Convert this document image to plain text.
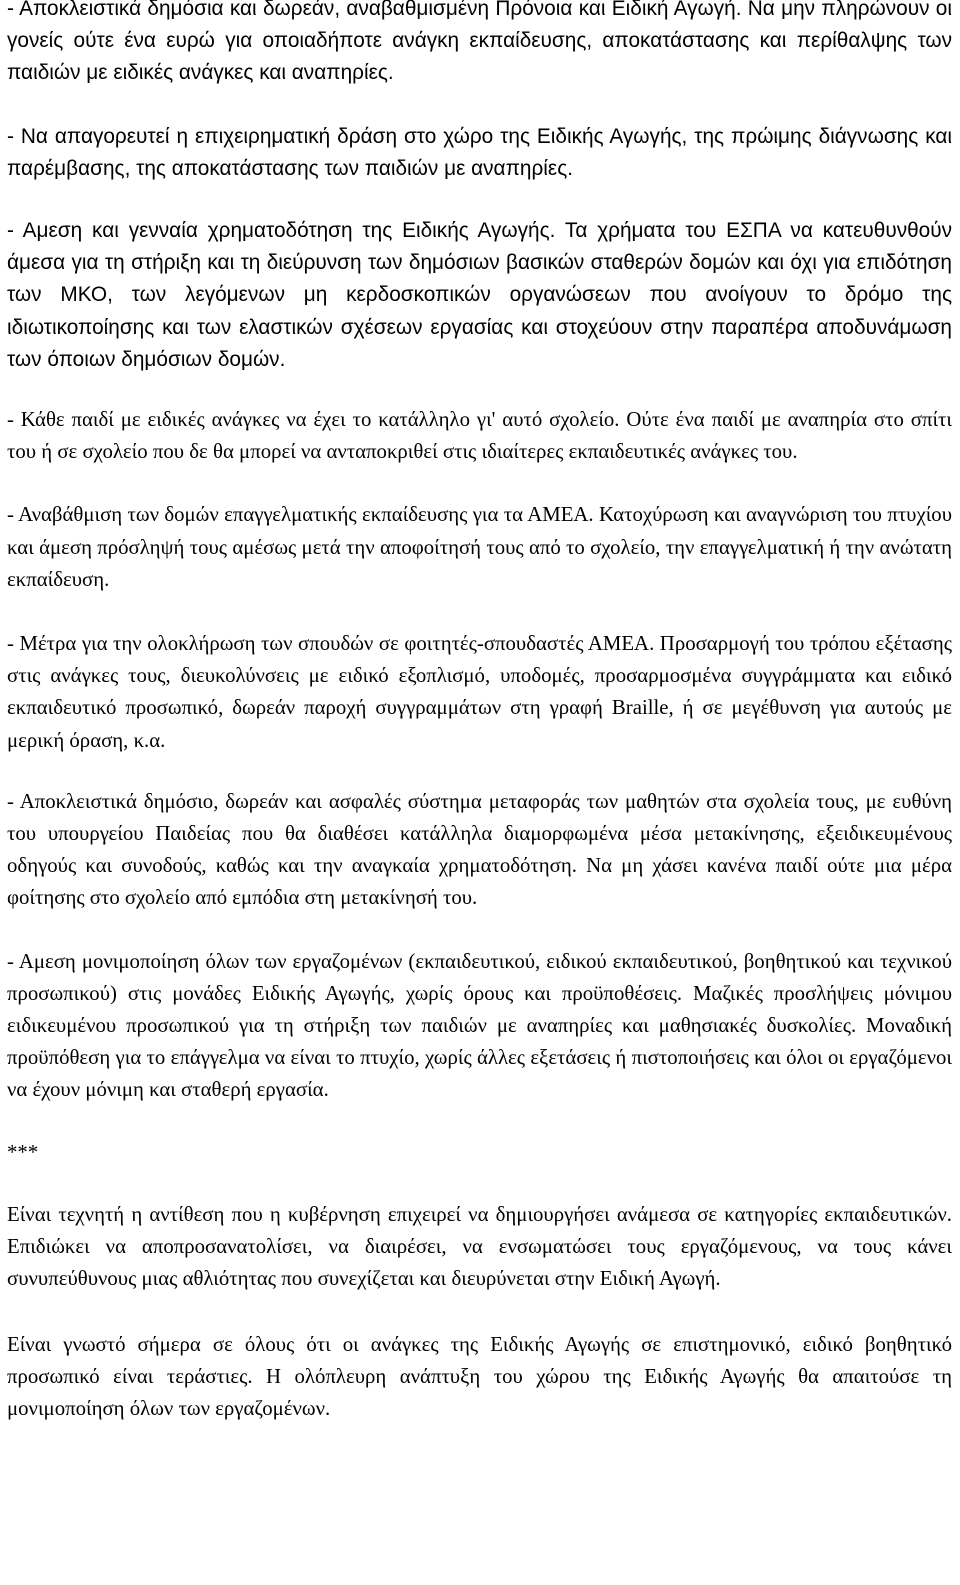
- Αποκλειστικά δημόσια και δωρεάν, αναβαθμισμένη Πρόνοια και Ειδική Αγωγή. Να μην πληρώνουν οι γονείς ούτε ένα ευρώ για οποιαδήποτε ανάγκη εκπαίδευσης, αποκατάστασης και περίθαλψης των παιδιών με ειδικές ανάγκες και αναπηρίες.

- Να απαγορευτεί η επιχειρηματική δράση στο χώρο της Ειδικής Αγωγής, της πρώιμης διάγνωσης και παρέμβασης, της αποκατάστασης των παιδιών με αναπηρίες.

- Αμεση και γενναία χρηματοδότηση της Ειδικής Αγωγής. Τα χρήματα του ΕΣΠΑ να κατευθυνθούν άμεσα για τη στήριξη και τη διεύρυνση των δημόσιων βασικών σταθερών δομών και όχι για επιδότηση των ΜΚΟ, των λεγόμενων μη κερδοσκοπικών οργανώσεων που ανοίγουν το δρόμο της ιδιωτικοποίησης και των ελαστικών σχέσεων εργασίας και στοχεύουν στην παραπέρα αποδυνάμωση των όποιων δημόσιων δομών.

- Κάθε παιδί με ειδικές ανάγκες να έχει το κατάλληλο γι' αυτό σχολείο. Ούτε ένα παιδί με αναπηρία στο σπίτι του ή σε σχολείο που δε θα μπορεί να ανταποκριθεί στις ιδιαίτερες εκπαιδευτικές ανάγκες του.

- Αναβάθμιση των δομών επαγγελματικής εκπαίδευσης για τα ΑΜΕΑ. Κατοχύρωση και αναγνώριση του πτυχίου και άμεση πρόσληψή τους αμέσως μετά την αποφοίτησή τους από το σχολείο, την επαγγελματική ή την ανώτατη εκπαίδευση.

- Μέτρα για την ολοκλήρωση των σπουδών σε φοιτητές-σπουδαστές ΑΜΕΑ. Προσαρμογή του τρόπου εξέτασης στις ανάγκες τους, διευκολύνσεις με ειδικό εξοπλισμό, υποδομές, προσαρμοσμένα συγγράμματα και ειδικό εκπαιδευτικό προσωπικό, δωρεάν παροχή συγγραμμάτων στη γραφή Braille, ή σε μεγέθυνση για αυτούς με μερική όραση, κ.α.

- Αποκλειστικά δημόσιο, δωρεάν και ασφαλές σύστημα μεταφοράς των μαθητών στα σχολεία τους, με ευθύνη του υπουργείου Παιδείας που θα διαθέσει κατάλληλα διαμορφωμένα μέσα μετακίνησης, εξειδικευμένους οδηγούς και συνοδούς, καθώς και την αναγκαία χρηματοδότηση. Να μη χάσει κανένα παιδί ούτε μια μέρα φοίτησης στο σχολείο από εμπόδια στη μετακίνησή του.

- Αμεση μονιμοποίηση όλων των εργαζομένων (εκπαιδευτικού, ειδικού εκπαιδευτικού, βοηθητικού και τεχνικού προσωπικού) στις μονάδες Ειδικής Αγωγής, χωρίς όρους και προϋποθέσεις. Μαζικές προσλήψεις μόνιμου ειδικευμένου προσωπικού για τη στήριξη των παιδιών με αναπηρίες και μαθησιακές δυσκολίες. Μοναδική προϋπόθεση για το επάγγελμα να είναι το πτυχίο, χωρίς άλλες εξετάσεις ή πιστοποιήσεις και όλοι οι εργαζόμενοι να έχουν μόνιμη και σταθερή εργασία.

***

Είναι τεχνητή η αντίθεση που η κυβέρνηση επιχειρεί να δημιουργήσει ανάμεσα σε κατηγορίες εκπαιδευτικών. Επιδιώκει να αποπροσανατολίσει, να διαιρέσει, να ενσωματώσει τους εργαζόμενους, να τους κάνει συνυπεύθυνους μιας αθλιότητας που συνεχίζεται και διευρύνεται στην Ειδική Αγωγή.

Είναι γνωστό σήμερα σε όλους ότι οι ανάγκες της Ειδικής Αγωγής σε επιστημονικό, ειδικό βοηθητικό προσωπικό είναι τεράστιες. Η ολόπλευρη ανάπτυξη του χώρου της Ειδικής Αγωγής θα απαιτούσε τη μονιμοποίηση όλων των εργαζομένων.
